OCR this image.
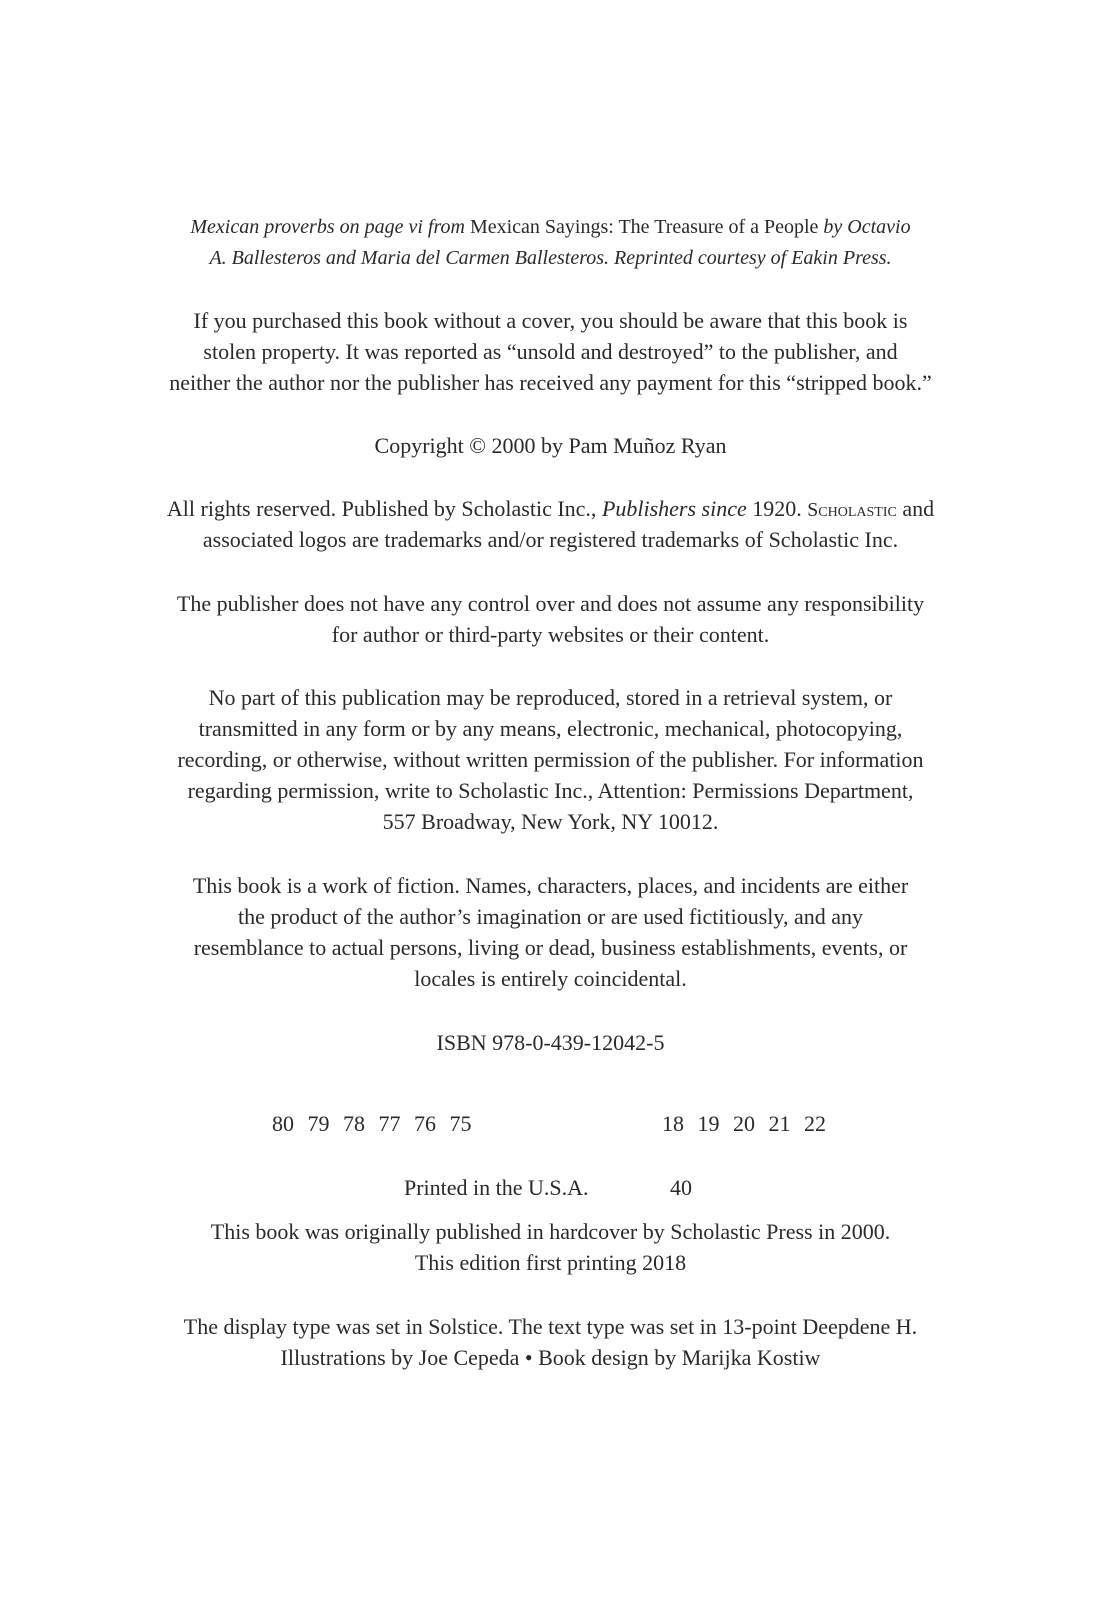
Mexican proverbs on page vi from Mexican Sayings: The Treasure of a People by Octavio
A. Ballesteros and Maria del Carmen Ballesteros. Reprinted courtesy of Eakin Press.
If you purchased this book without a cover, you should be aware that this book is
stolen property. It was reported as “unsold and destroyed” to the publisher, and
neither the author nor the publisher has received any payment for this “stripped book.”
Copyright © 2000 by Pam Muñoz Ryan
All rights reserved. Published by Scholastic Inc., Publishers since 1920. Scholastic and
associated logos are trademarks and/or registered trademarks of Scholastic Inc.
The publisher does not have any control over and does not assume any responsibility
for author or third-party websites or their content.
No part of this publication may be reproduced, stored in a retrieval system, or
transmitted in any form or by any means, electronic, mechanical, photocopying,
recording, or otherwise, without written permission of the publisher. For information
regarding permission, write to Scholastic Inc., Attention: Permissions Department,
557 Broadway, New York, NY 10012.
This book is a work of fiction. Names, characters, places, and incidents are either
the product of the author’s imagination or are used fictitiously, and any
resemblance to actual persons, living or dead, business establishments, events, or
locales is entirely coincidental.
ISBN 978-0-439-12042-5
80 79 78 77 76 75	18 19 20 21 22
Printed in the U.S.A.	40
This book was originally published in hardcover by Scholastic Press in 2000.
This edition first printing 2018
The display type was set in Solstice. The text type was set in 13-point Deepdene H.
Illustrations by Joe Cepeda • Book design by Marijka Kostiw
